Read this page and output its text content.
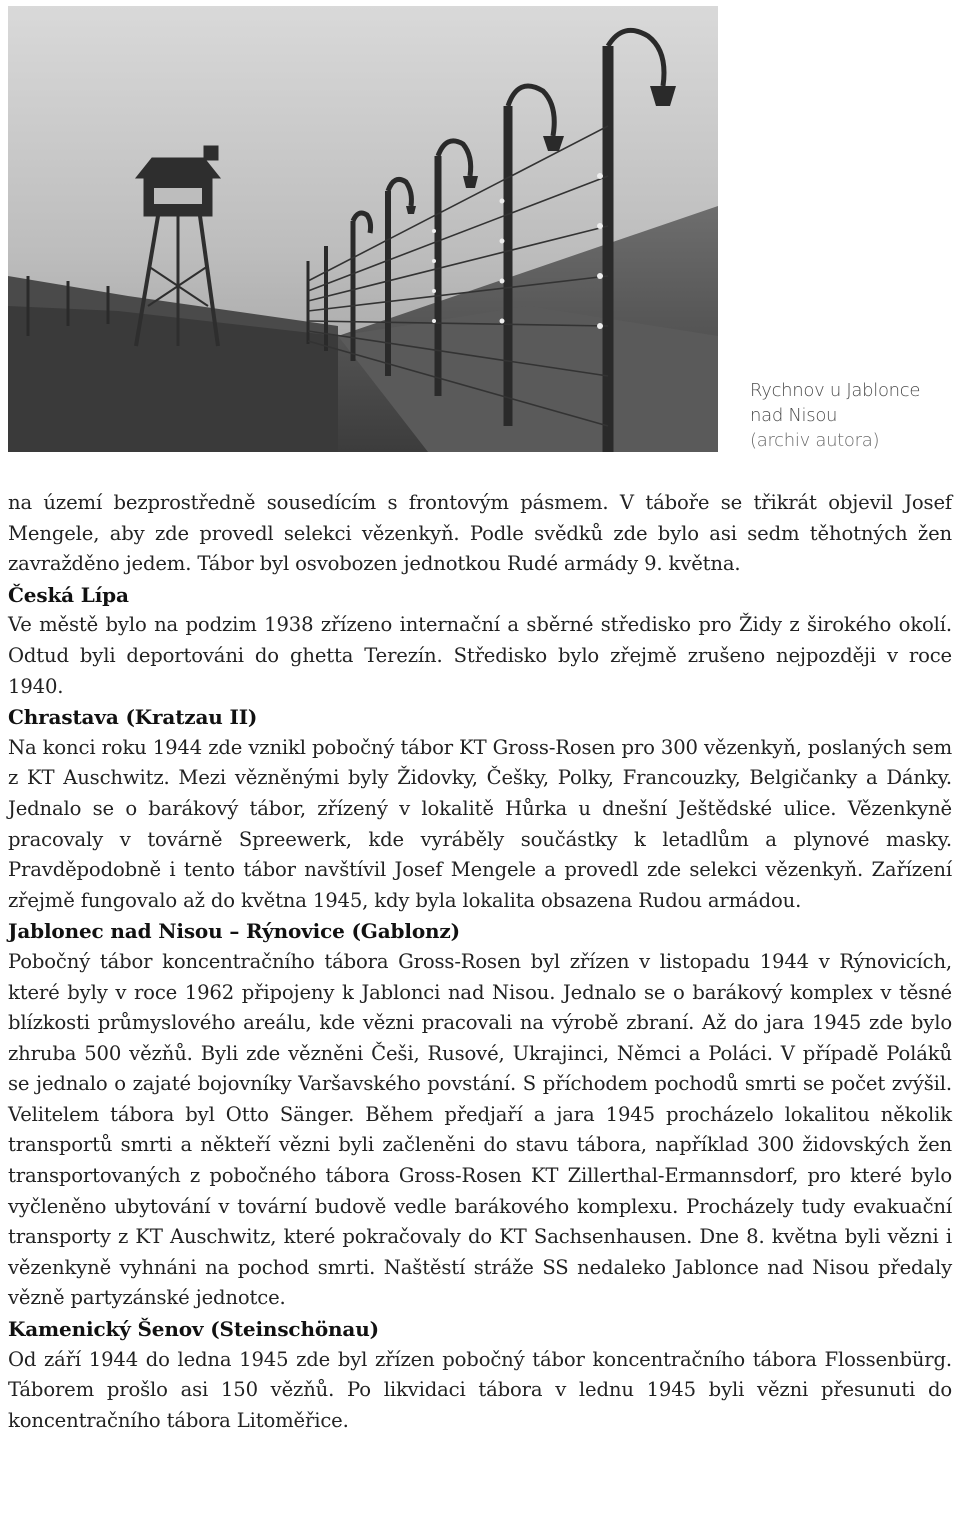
Rychnov u Jablonce
nad Nisou
(archiv autora)

na území bezprostředně sousedícím s frontovým pásmem. V táboře se třikrát objevil Josef Mengele, aby zde provedl selekci vězenkyň. Podle svědků zde bylo asi sedm těhotných žen zavražděno jedem. Tábor byl osvobozen jednotkou Rudé armády 9. května.

Česká Lípa

Ve městě bylo na podzim 1938 zřízeno internační a sběrné středisko pro Židy z širokého okolí. Odtud byli deportováni do ghetta Terezín. Středisko bylo zřejmě zrušeno nejpozději v roce 1940.

Chrastava (Kratzau II)

Na konci roku 1944 zde vznikl pobočný tábor KT Gross-Rosen pro 300 vězenkyň, poslaných sem z KT Auschwitz. Mezi vězněnými byly Židovky, Češky, Polky, Francouzky, Belgičanky a Dánky. Jednalo se o barákový tábor, zřízený v lokalitě Hůrka u dnešní Ještědské ulice. Vězenkyně pracovaly v továrně Spreewerk, kde vyráběly součástky k letadlům a plynové masky. Pravděpodobně i tento tábor navštívil Josef Mengele a provedl zde selekci vězenkyň. Zařízení zřejmě fungovalo až do května 1945, kdy byla lokalita obsazena Rudou armádou.

Jablonec nad Nisou – Rýnovice (Gablonz)

Pobočný tábor koncentračního tábora Gross-Rosen byl zřízen v listopadu 1944 v Rýnovicích, které byly v roce 1962 připojeny k Jablonci nad Nisou. Jednalo se o barákový komplex v těsné blízkosti průmyslového areálu, kde vězni pracovali na výrobě zbraní. Až do jara 1945 zde bylo zhruba 500 vězňů. Byli zde vězněni Češi, Rusové, Ukrajinci, Němci a Poláci. V případě Poláků se jednalo o zajaté bojovníky Varšavského povstání. S příchodem pochodů smrti se počet zvýšil. Velitelem tábora byl Otto Sänger. Během předjaří a jara 1945 procházelo lokalitou několik transportů smrti a někteří vězni byli začleněni do stavu tábora, například 300 židovských žen transportovaných z pobočného tábora Gross-Rosen KT Zillerthal-Ermannsdorf, pro které bylo vyčleněno ubytování v tovární budově vedle barákového komplexu. Procházely tudy evakuační transporty z KT Auschwitz, které pokračovaly do KT Sachsenhausen. Dne 8. května byli vězni i vězenkyně vyhnáni na pochod smrti. Naštěstí stráže SS nedaleko Jablonce nad Nisou předaly vězně partyzánské jednotce.

Kamenický Šenov (Steinschönau)

Od září 1944 do ledna 1945 zde byl zřízen pobočný tábor koncentračního tábora Flossenbürg. Táborem prošlo asi 150 vězňů. Po likvidaci tábora v lednu 1945 byli vězni přesunuti do koncentračního tábora Litoměřice.
